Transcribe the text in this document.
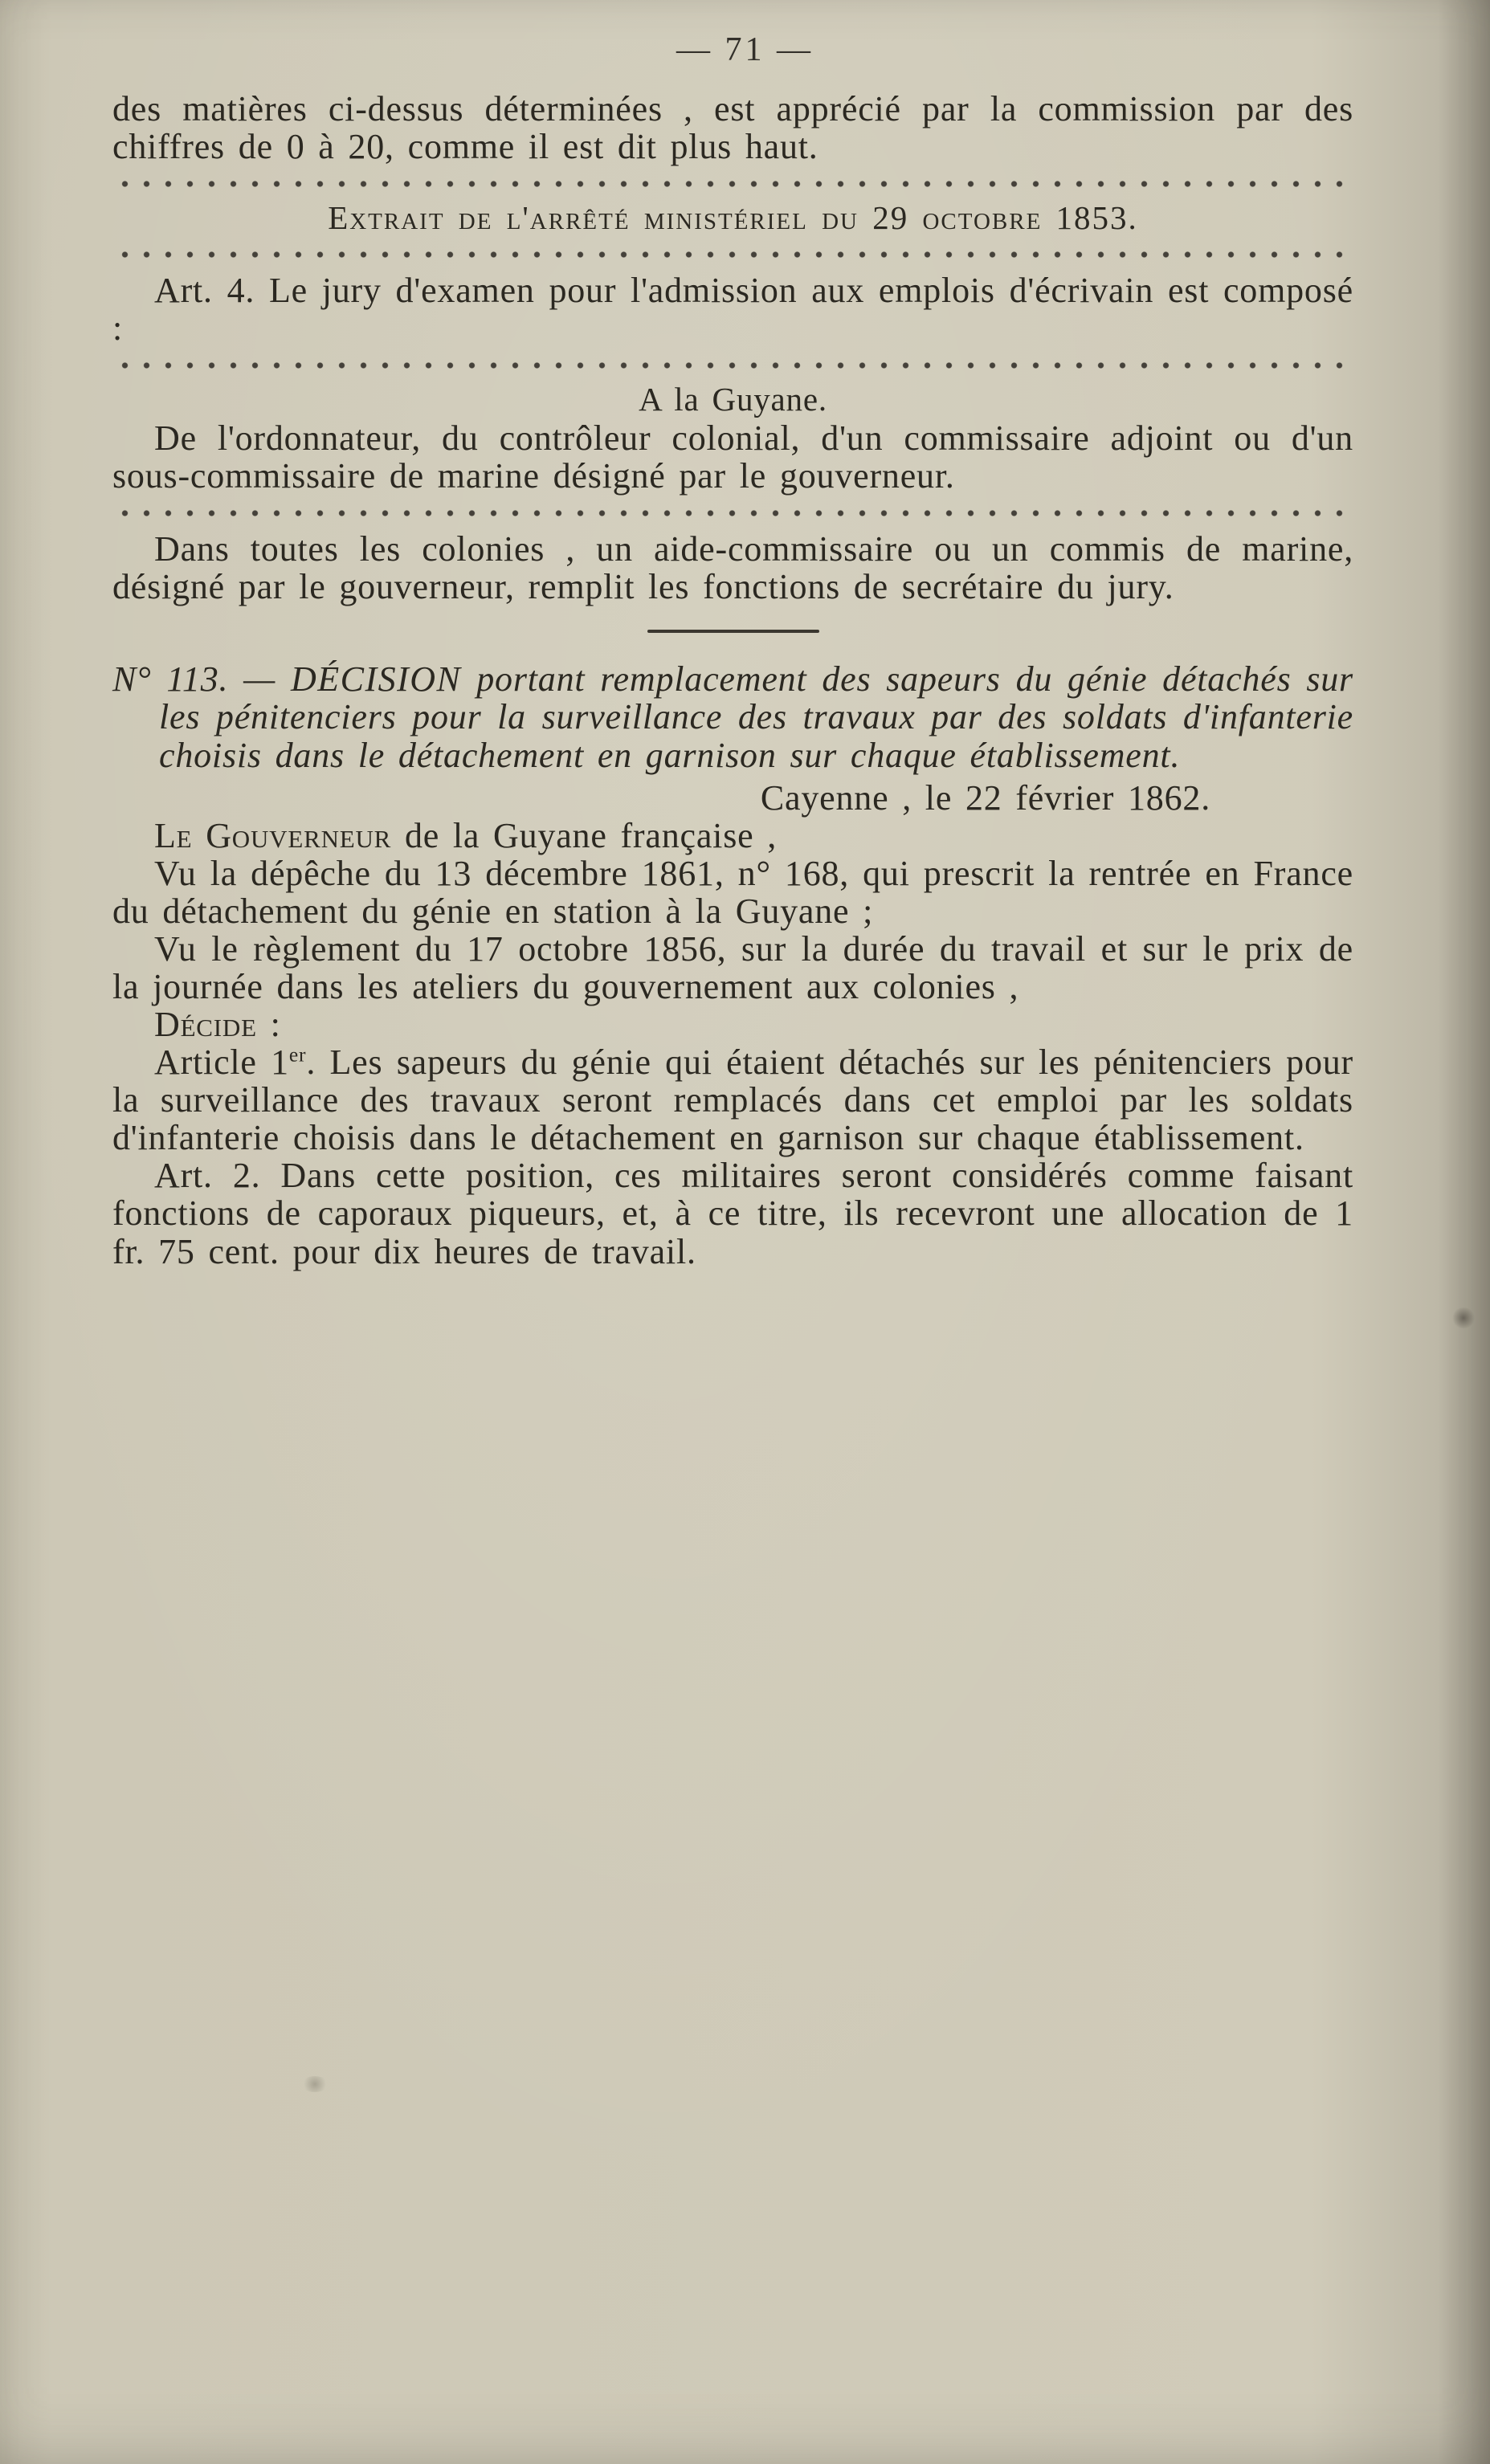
— 71 —

des matières ci-dessus déterminées , est apprécié par la commission par des chiffres de 0 à 20, comme il est dit plus haut.

Extrait de l'arrêté ministériel du 29 octobre 1853.

Art. 4. Le jury d'examen pour l'admission aux emplois d'écrivain est composé :

A la Guyane.

De l'ordonnateur, du contrôleur colonial, d'un commissaire adjoint ou d'un sous-commissaire de marine désigné par le gouverneur.

Dans toutes les colonies , un aide-commissaire ou un commis de marine, désigné par le gouverneur, remplit les fonctions de secrétaire du jury.

N° 113. — DÉCISION portant remplacement des sapeurs du génie détachés sur les pénitenciers pour la surveillance des travaux par des soldats d'infanterie choisis dans le détachement en garnison sur chaque établissement.

Cayenne , le 22 février 1862.

Le Gouverneur de la Guyane française ,

Vu la dépêche du 13 décembre 1861, n° 168, qui prescrit la rentrée en France du détachement du génie en station à la Guyane ;

Vu le règlement du 17 octobre 1856, sur la durée du travail et sur le prix de la journée dans les ateliers du gouvernement aux colonies ,

Décide :

Article 1er. Les sapeurs du génie qui étaient détachés sur les pénitenciers pour la surveillance des travaux seront remplacés dans cet emploi par les soldats d'infanterie choisis dans le détachement en garnison sur chaque établissement.

Art. 2. Dans cette position, ces militaires seront considérés comme faisant fonctions de caporaux piqueurs, et, à ce titre, ils recevront une allocation de 1 fr. 75 cent. pour dix heures de travail.
